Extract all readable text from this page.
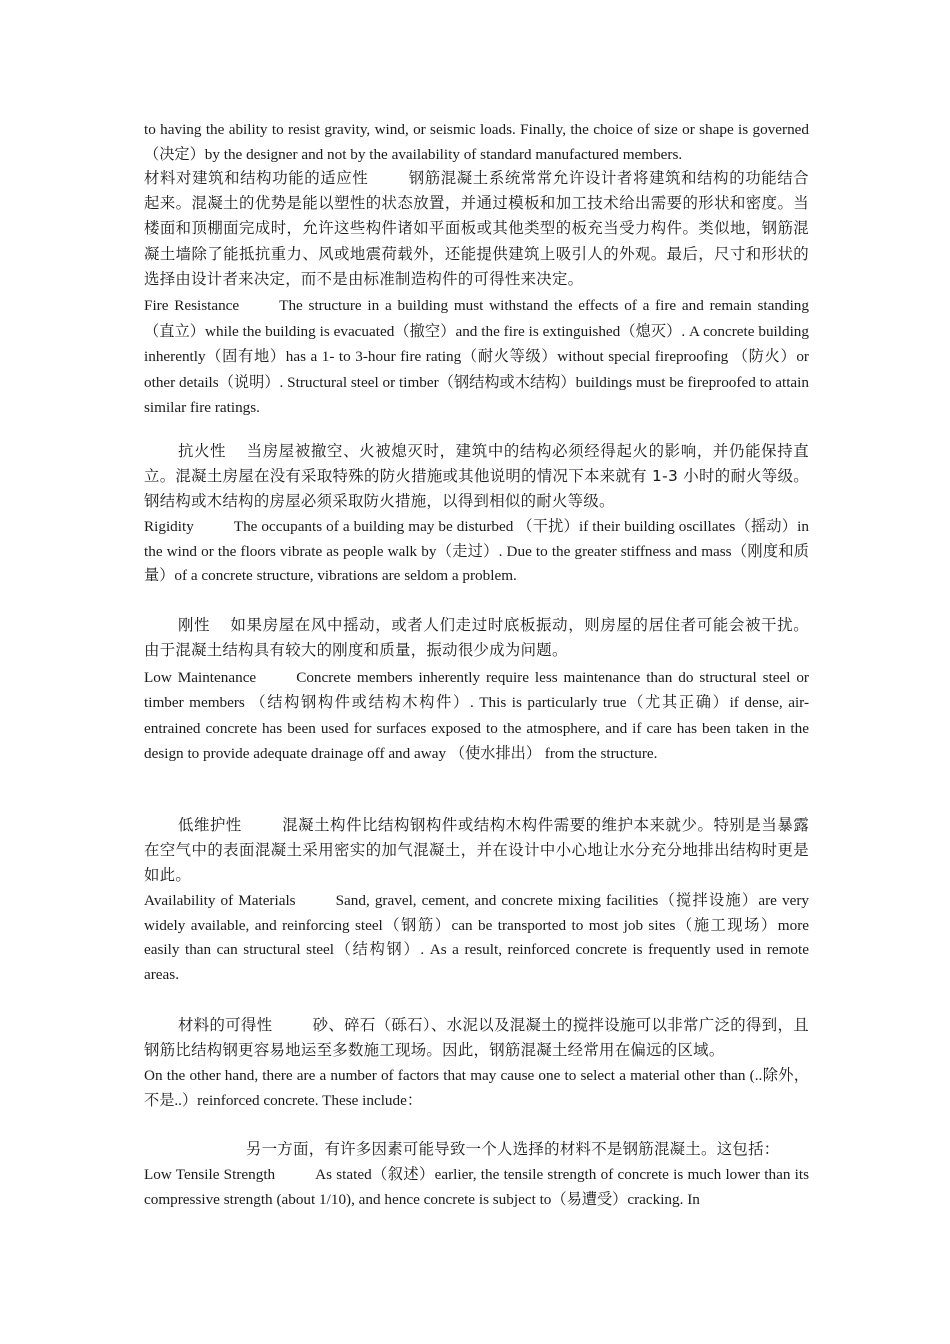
to having the ability to resist gravity, wind, or seismic loads. Finally, the choice of size or shape is governed（决定）by the designer and not by the availability of standard manufactured members.

材料对建筑和结构功能的适应性	钢筋混凝土系统常常允许设计者将建筑和结构的功能结合起来。混凝土的优势是能以塑性的状态放置，并通过模板和加工技术给出需要的形状和密度。当楼面和顶棚面完成时，允许这些构件诸如平面板或其他类型的板充当受力构件。类似地，钢筋混凝土墙除了能抵抗重力、风或地震荷载外，还能提供建筑上吸引人的外观。最后，尺寸和形状的选择由设计者来决定，而不是由标准制造构件的可得性来决定。

Fire Resistance	The structure in a building must withstand the effects of a fire and remain standing（直立）while the building is evacuated（撤空）and the fire is extinguished（熄灭）. A concrete building inherently（固有地）has a 1- to 3-hour fire rating（耐火等级）without special fireproofing （防火）or other details（说明）. Structural steel or timber（钢结构或木结构）buildings must be fireproofed to attain similar fire ratings.

抗火性 当房屋被撤空、火被熄灭时，建筑中的结构必须经得起火的影响，并仍能保持直立。混凝土房屋在没有采取特殊的防火措施或其他说明的情况下本来就有 1-3 小时的耐火等级。钢结构或木结构的房屋必须采取防火措施，以得到相似的耐火等级。

Rigidity	The occupants of a building may be disturbed （干扰）if their building oscillates（摇动）in the wind or the floors vibrate as people walk by（走过）. Due to the greater stiffness and mass（刚度和质量）of a concrete structure, vibrations are seldom a problem.

刚性 如果房屋在风中摇动，或者人们走过时底板振动，则房屋的居住者可能会被干扰。由于混凝土结构具有较大的刚度和质量，振动很少成为问题。

Low Maintenance	Concrete members inherently require less maintenance than do structural steel or timber members （结构钢构件或结构木构件）. This is particularly true（尤其正确）if dense, air-entrained concrete has been used for surfaces exposed to the atmosphere, and if care has been taken in the design to provide adequate drainage off and away （使水排出） from the structure.

低维护性	混凝土构件比结构钢构件或结构木构件需要的维护本来就少。特别是当暴露在空气中的表面混凝土采用密实的加气混凝土，并在设计中小心地让水分充分地排出结构时更是如此。

Availability of Materials	Sand, gravel, cement, and concrete mixing facilities（搅拌设施）are very widely available, and reinforcing steel（钢筋）can be transported to most job sites（施工现场）more easily than can structural steel（结构钢）. As a result, reinforced concrete is frequently used in remote areas.

材料的可得性	砂、碎石（砾石）、水泥以及混凝土的搅拌设施可以非常广泛的得到，且钢筋比结构钢更容易地运至多数施工现场。因此，钢筋混凝土经常用在偏远的区域。

On the other hand, there are a number of factors that may cause one to select a material other than (..除外，不是..）reinforced concrete. These include：

另一方面，有许多因素可能导致一个人选择的材料不是钢筋混凝土。这包括：

Low Tensile Strength	As stated（叙述）earlier, the tensile strength of concrete is much lower than its compressive strength (about 1/10), and hence concrete is subject to（易遭受）cracking. In
